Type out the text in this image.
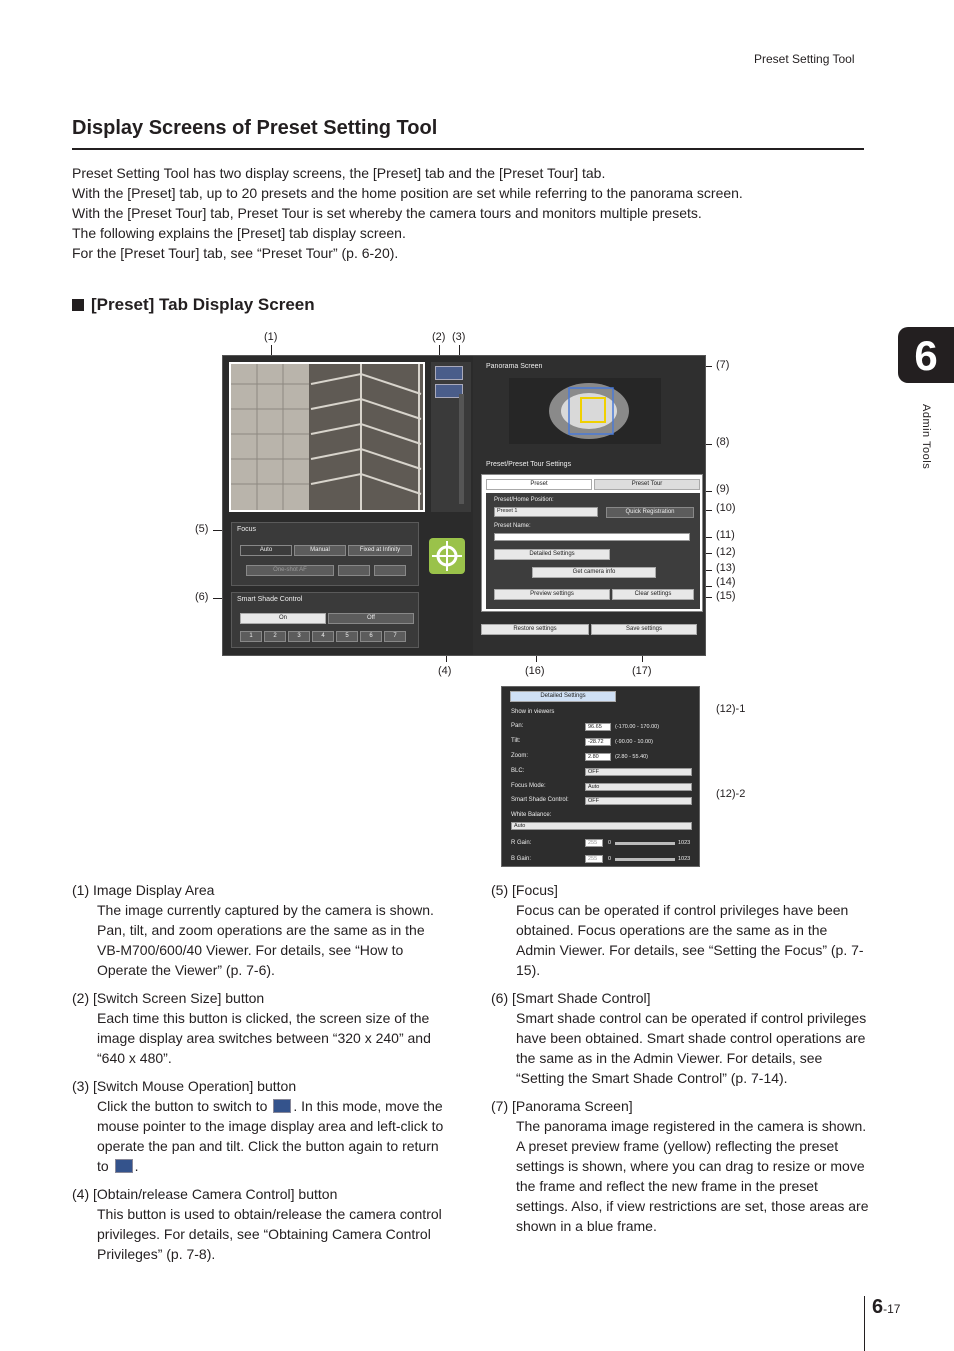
Preset Setting Tool
6
Admin Tools
Display Screens of Preset Setting Tool

Preset Setting Tool has two display screens, the [Preset] tab and the [Preset Tour] tab.

With the [Preset] tab, up to 20 presets and the home position are set while referring to the panorama screen.

With the [Preset Tour] tab, Preset Tour is set whereby the camera tours and monitors multiple presets.

The following explains the [Preset] tab display screen.

For the [Preset Tour] tab, see “Preset Tour” (p. 6-20).

[Preset] Tab Display Screen
(1)	(2) (3)
(7)
(8)
(9)
(10)
(11)
(12)
(13)
(14)
(15)
(5)
(6)
(4)	(16)	(17)
(12)-1
(12)-2
Focus
Auto	Manual	Fixed at Infinity
One-shot AF
Smart Shade Control
On	Off
1	2	3	4	5	6	7
Panorama Screen
Preset/Preset Tour Settings
Preset	Preset Tour
Preset/Home Position:
Preset 1	Quick Registration
Preset Name:
Detailed Settings
Get camera info
Preview settings	Clear settings
Restore settings	Save settings
Detailed Settings
Show in viewers
Pan:	96.65	(-170.00 - 170.00)
Tilt:	-28.72	(-90.00 - 10.00)
Zoom:	2.80	(2.80 - 55.40)
BLC:	OFF
Focus Mode:	Auto
Smart Shade Control:	OFF
White Balance:
Auto
R Gain:	255	0	1023
B Gain:	255	0	1023
(1) Image Display Area
The image currently captured by the camera is shown. Pan, tilt, and zoom operations are the same as in the VB-M700/600/40 Viewer. For details, see “How to Operate the Viewer” (p. 7-6).
(2) [Switch Screen Size] button
Each time this button is clicked, the screen size of the image display area switches between “320 x 240” and “640 x 480”.
(3) [Switch Mouse Operation] button
Click the button to switch to . In this mode, move the mouse pointer to the image display area and left-click to operate the pan and tilt. Click the button again to return to .
(4) [Obtain/release Camera Control] button
This button is used to obtain/release the camera control privileges. For details, see “Obtaining Camera Control Privileges” (p. 7-8).
(5) [Focus]
Focus can be operated if control privileges have been obtained. Focus operations are the same as in the Admin Viewer. For details, see “Setting the Focus” (p. 7-15).
(6) [Smart Shade Control]
Smart shade control can be operated if control privileges have been obtained. Smart shade control operations are the same as in the Admin Viewer. For details, see “Setting the Smart Shade Control” (p. 7-14).
(7) [Panorama Screen]
The panorama image registered in the camera is shown. A preset preview frame (yellow) reflecting the preset settings is shown, where you can drag to resize or move the frame and reflect the new frame in the preset settings. Also, if view restrictions are set, those areas are shown in a blue frame.
6-17
